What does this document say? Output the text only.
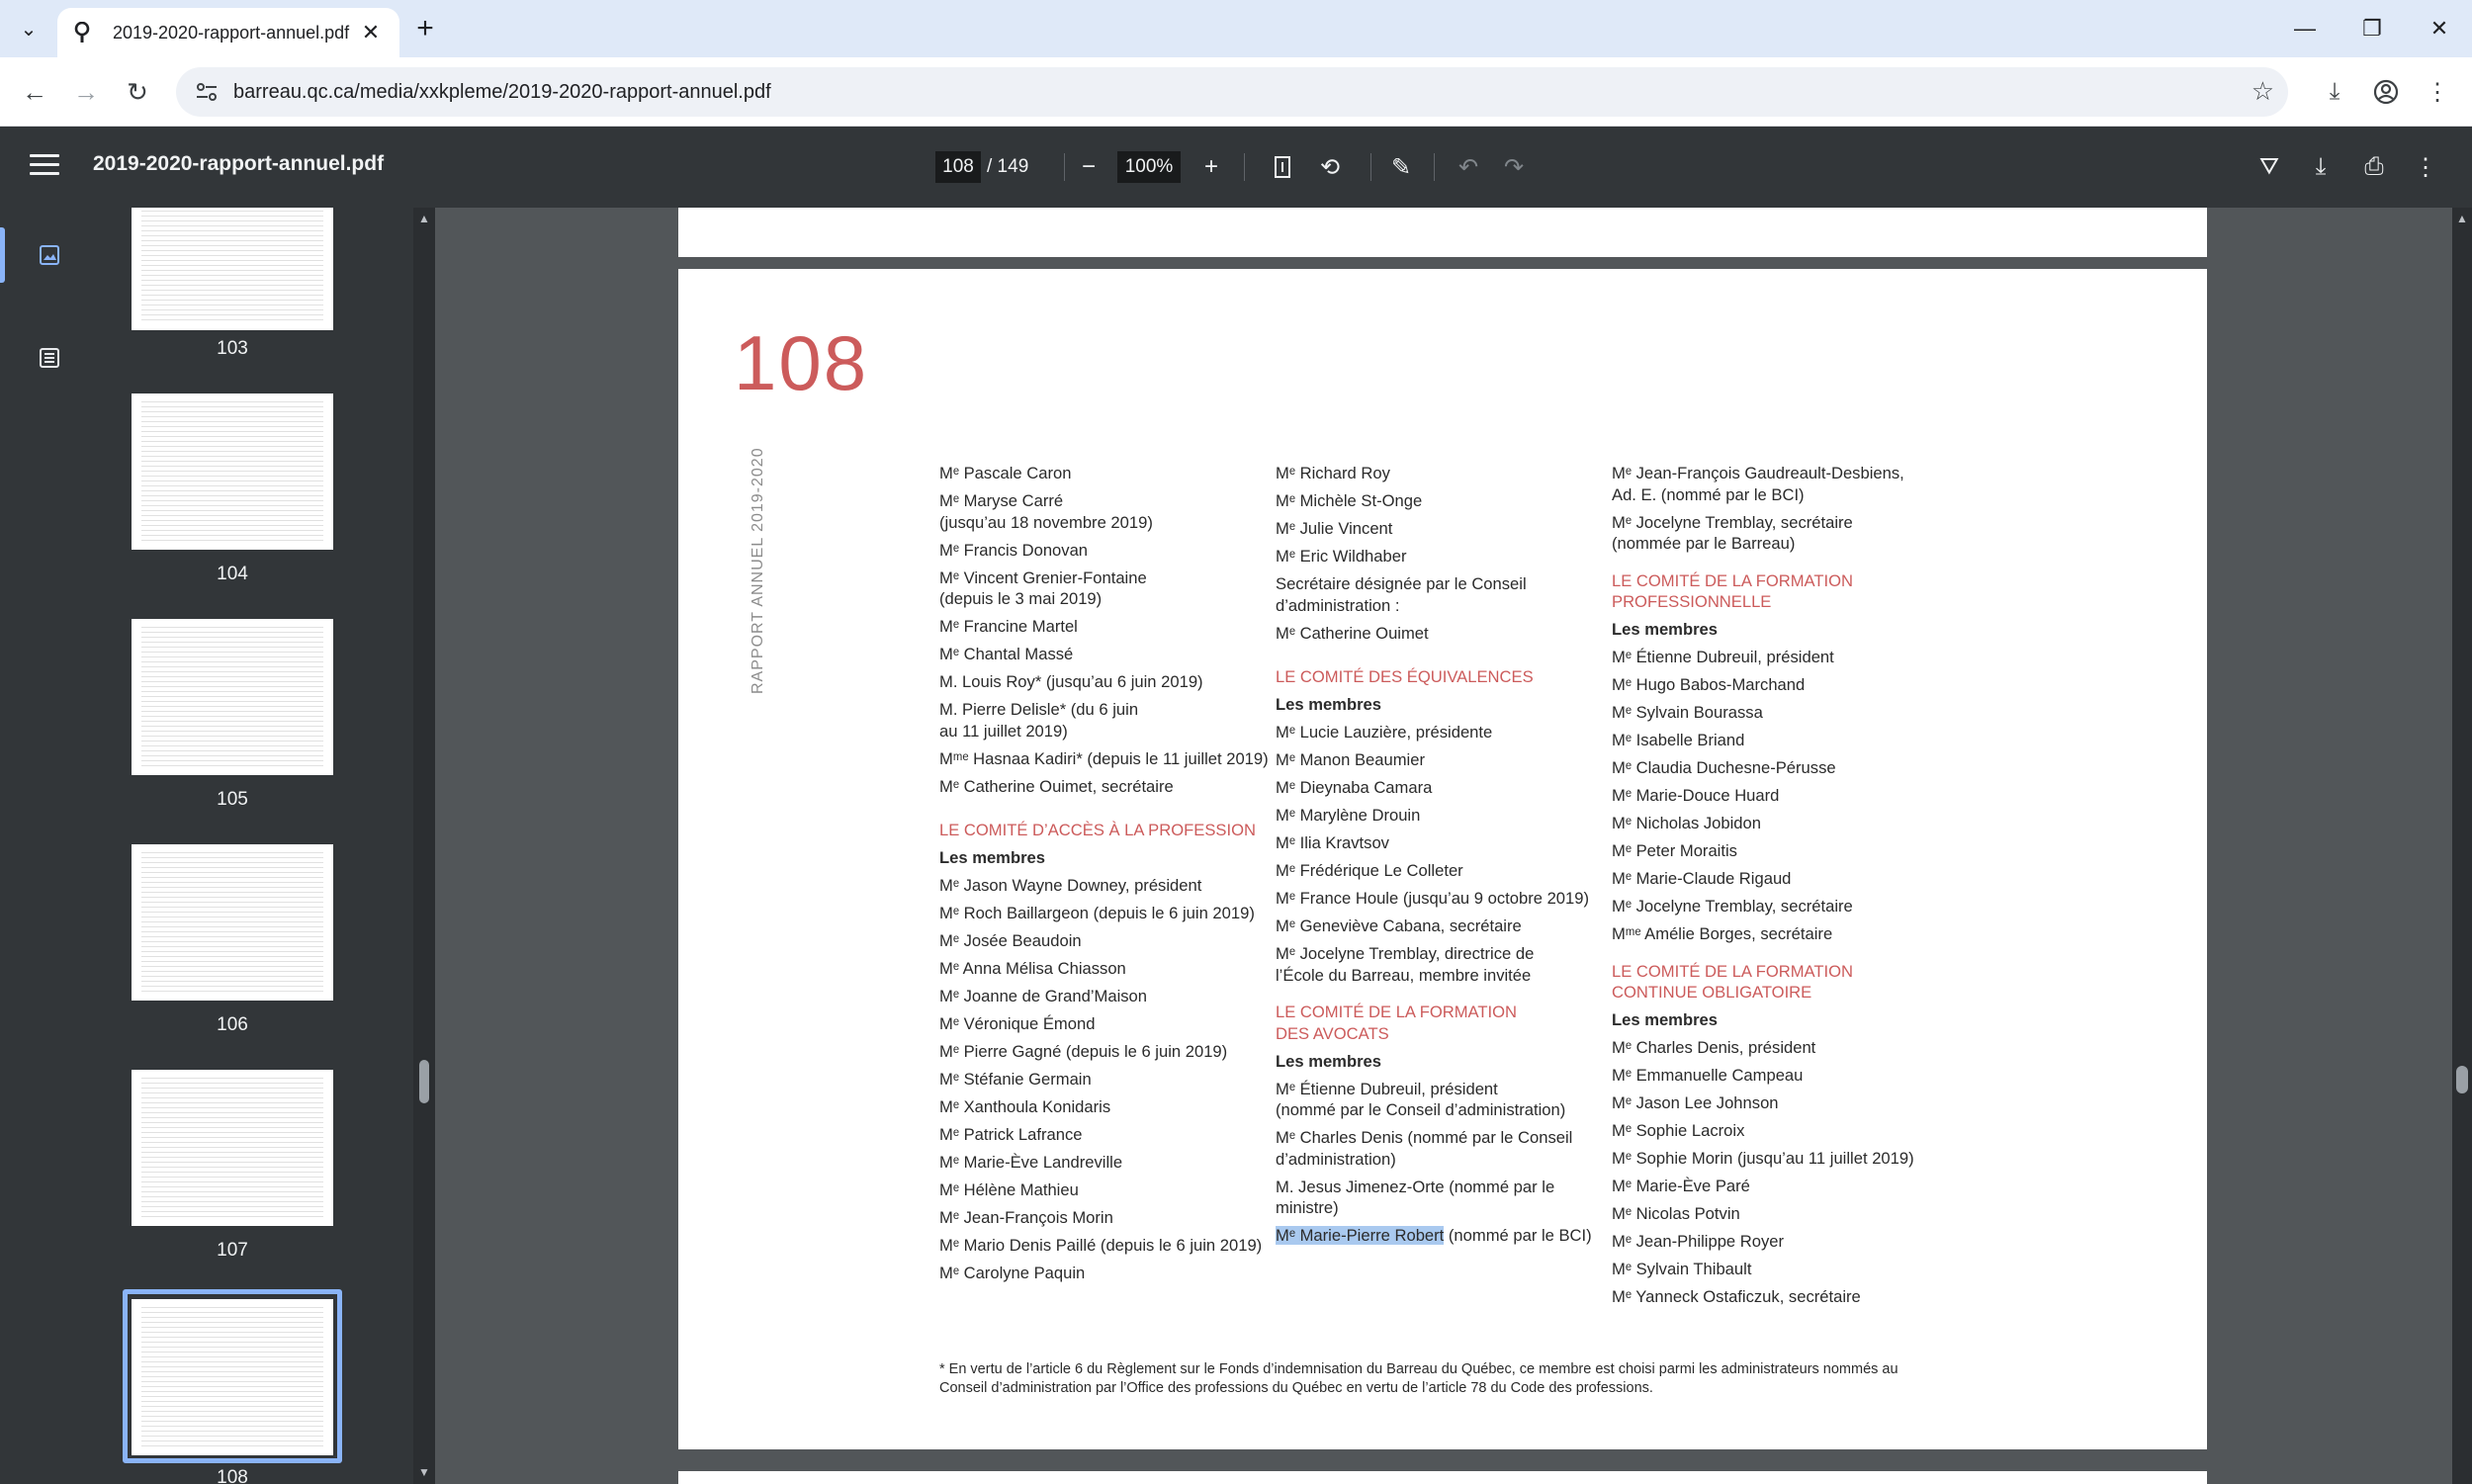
⌄	2019-2020-rapport-annuel.pdf ✕	+	—	❐	✕
← →	↻	barreau.qc.ca/media/xxkpleme/2019-2020-rapport-annuel.pdf	☆	⤓	⋮
2019-2020-rapport-annuel.pdf	108 / 149	−	100%	+	⟲	✎	↶	↷	⛛	⤓	⎙	⋮
103
104
105
106
107
108
▲
▼
108
RAPPORT ANNUEL 2019-2020	Mᵉ Pascale Caron
Mᵉ Maryse Carré
(jusqu’au 18 novembre 2019)
Mᵉ Francis Donovan
Mᵉ Vincent Grenier-Fontaine
(depuis le 3 mai 2019)
Mᵉ Francine Martel
Mᵉ Chantal Massé
M. Louis Roy* (jusqu’au 6 juin 2019)
M. Pierre Delisle* (du 6 juin
au 11 juillet 2019)
Mᵐᵉ Hasnaa Kadiri* (depuis le 11 juillet 2019)
Mᵉ Catherine Ouimet, secrétaire
LE COMITÉ D’ACCÈS À LA PROFESSION
Les membres
Mᵉ Jason Wayne Downey, président
Mᵉ Roch Baillargeon (depuis le 6 juin 2019)
Mᵉ Josée Beaudoin
Mᵉ Anna Mélisa Chiasson
Mᵉ Joanne de Grand’Maison
Mᵉ Véronique Émond
Mᵉ Pierre Gagné (depuis le 6 juin 2019)
Mᵉ Stéfanie Germain
Mᵉ Xanthoula Konidaris
Mᵉ Patrick Lafrance
Mᵉ Marie-Ève Landreville
Mᵉ Hélène Mathieu
Mᵉ Jean-François Morin
Mᵉ Mario Denis Paillé (depuis le 6 juin 2019)
Mᵉ Carolyne Paquin
Mᵉ Richard Roy
Mᵉ Michèle St-Onge
Mᵉ Julie Vincent
Mᵉ Eric Wildhaber
Secrétaire désignée par le Conseil
d’administration :
Mᵉ Catherine Ouimet
LE COMITÉ DES ÉQUIVALENCES
Les membres
Mᵉ Lucie Lauzière, présidente
Mᵉ Manon Beaumier
Mᵉ Dieynaba Camara
Mᵉ Marylène Drouin
Mᵉ Ilia Kravtsov
Mᵉ Frédérique Le Colleter
Mᵉ France Houle (jusqu’au 9 octobre 2019)
Mᵉ Geneviève Cabana, secrétaire
Mᵉ Jocelyne Tremblay, directrice de
l’École du Barreau, membre invitée
LE COMITÉ DE LA FORMATION
DES AVOCATS
Les membres
Mᵉ Étienne Dubreuil, président
(nommé par le Conseil d’administration)
Mᵉ Charles Denis (nommé par le Conseil
d’administration)
M. Jesus Jimenez-Orte (nommé par le
ministre)
Mᵉ Marie-Pierre Robert (nommé par le BCI)
Mᵉ Jean-François Gaudreault-Desbiens,
Ad. E. (nommé par le BCI)
Mᵉ Jocelyne Tremblay, secrétaire
(nommée par le Barreau)
LE COMITÉ DE LA FORMATION
PROFESSIONNELLE
Les membres
Mᵉ Étienne Dubreuil, président
Mᵉ Hugo Babos-Marchand
Mᵉ Sylvain Bourassa
Mᵉ Isabelle Briand
Mᵉ Claudia Duchesne-Pérusse
Mᵉ Marie-Douce Huard
Mᵉ Nicholas Jobidon
Mᵉ Peter Moraitis
Mᵉ Marie-Claude Rigaud
Mᵉ Jocelyne Tremblay, secrétaire
Mᵐᵉ Amélie Borges, secrétaire
LE COMITÉ DE LA FORMATION
CONTINUE OBLIGATOIRE
Les membres
Mᵉ Charles Denis, président
Mᵉ Emmanuelle Campeau
Mᵉ Jason Lee Johnson
Mᵉ Sophie Lacroix
Mᵉ Sophie Morin (jusqu’au 11 juillet 2019)
Mᵉ Marie-Ève Paré
Mᵉ Nicolas Potvin
Mᵉ Jean-Philippe Royer
Mᵉ Sylvain Thibault
Mᵉ Yanneck Ostaficzuk, secrétaire
* En vertu de l’article 6 du Règlement sur le Fonds d’indemnisation du Barreau du Québec, ce membre est choisi parmi les administrateurs nommés au
Conseil d’administration par l’Office des professions du Québec en vertu de l’article 78 du Code des professions.
▲
